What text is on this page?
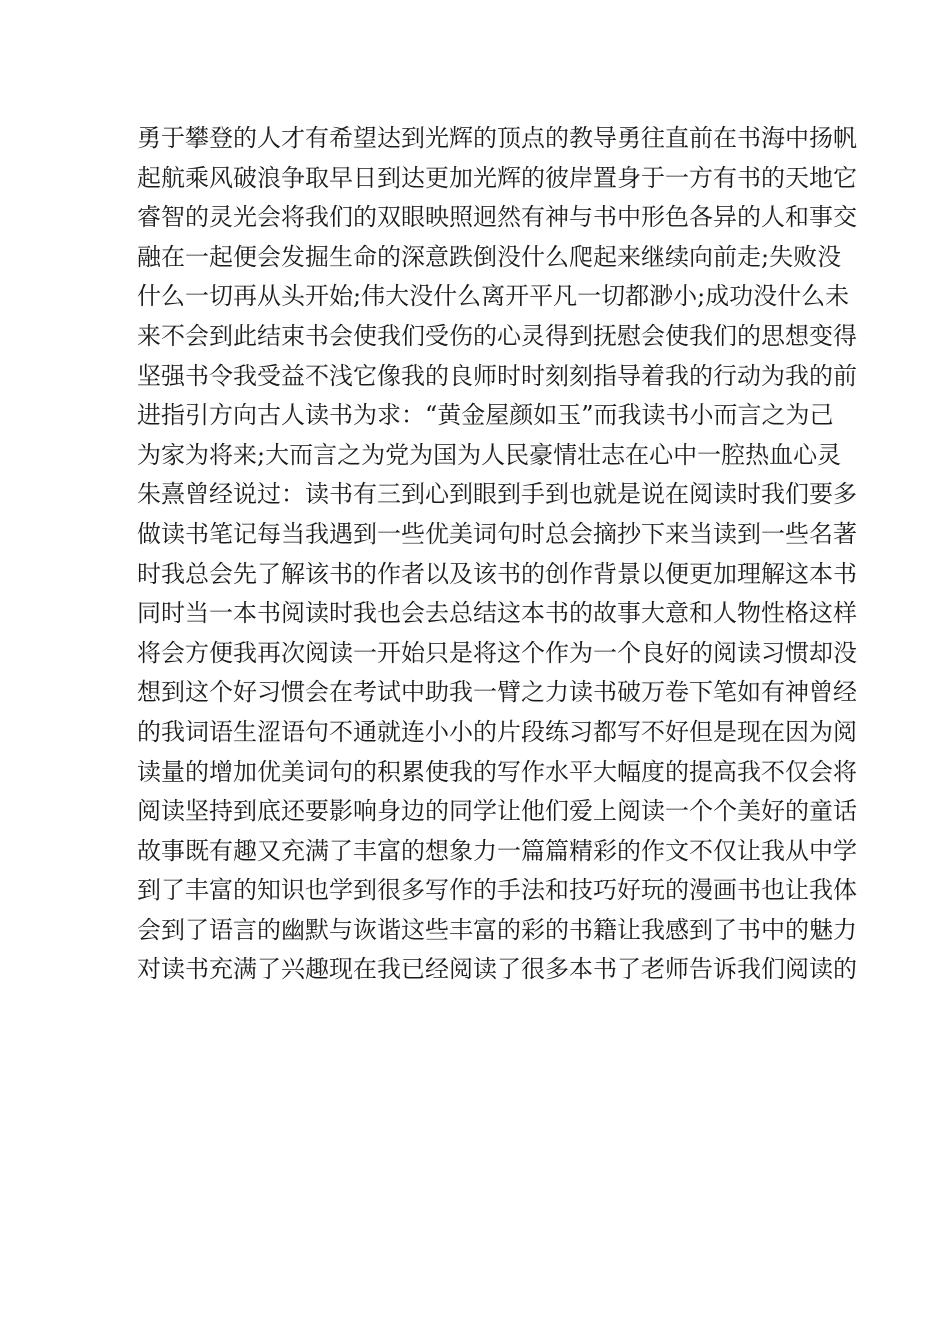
勇于攀登的人才有希望达到光辉的顶点的教导勇往直前在书海中扬帆
起航乘风破浪争取早日到达更加光辉的彼岸置身于一方有书的天地它
睿智的灵光会将我们的双眼映照迥然有神与书中形色各异的人和事交
融在一起便会发掘生命的深意跌倒没什么爬起来继续向前走;失败没
什么一切再从头开始;伟大没什么离开平凡一切都渺小;成功没什么未
来不会到此结束书会使我们受伤的心灵得到抚慰会使我们的思想变得
坚强书令我受益不浅它像我的良师时时刻刻指导着我的行动为我的前
进指引方向古人读书为求：“黄金屋颜如玉”而我读书小而言之为己
为家为将来;大而言之为党为国为人民豪情壮志在心中一腔热血心灵
朱熹曾经说过：读书有三到心到眼到手到也就是说在阅读时我们要多
做读书笔记每当我遇到一些优美词句时总会摘抄下来当读到一些名著
时我总会先了解该书的作者以及该书的创作背景以便更加理解这本书
同时当一本书阅读时我也会去总结这本书的故事大意和人物性格这样
将会方便我再次阅读一开始只是将这个作为一个良好的阅读习惯却没
想到这个好习惯会在考试中助我一臂之力读书破万卷下笔如有神曾经
的我词语生涩语句不通就连小小的片段练习都写不好但是现在因为阅
读量的增加优美词句的积累使我的写作水平大幅度的提高我不仅会将
阅读坚持到底还要影响身边的同学让他们爱上阅读一个个美好的童话
故事既有趣又充满了丰富的想象力一篇篇精彩的作文不仅让我从中学
到了丰富的知识也学到很多写作的手法和技巧好玩的漫画书也让我体
会到了语言的幽默与诙谐这些丰富的彩的书籍让我感到了书中的魅力
对读书充满了兴趣现在我已经阅读了很多本书了老师告诉我们阅读的
